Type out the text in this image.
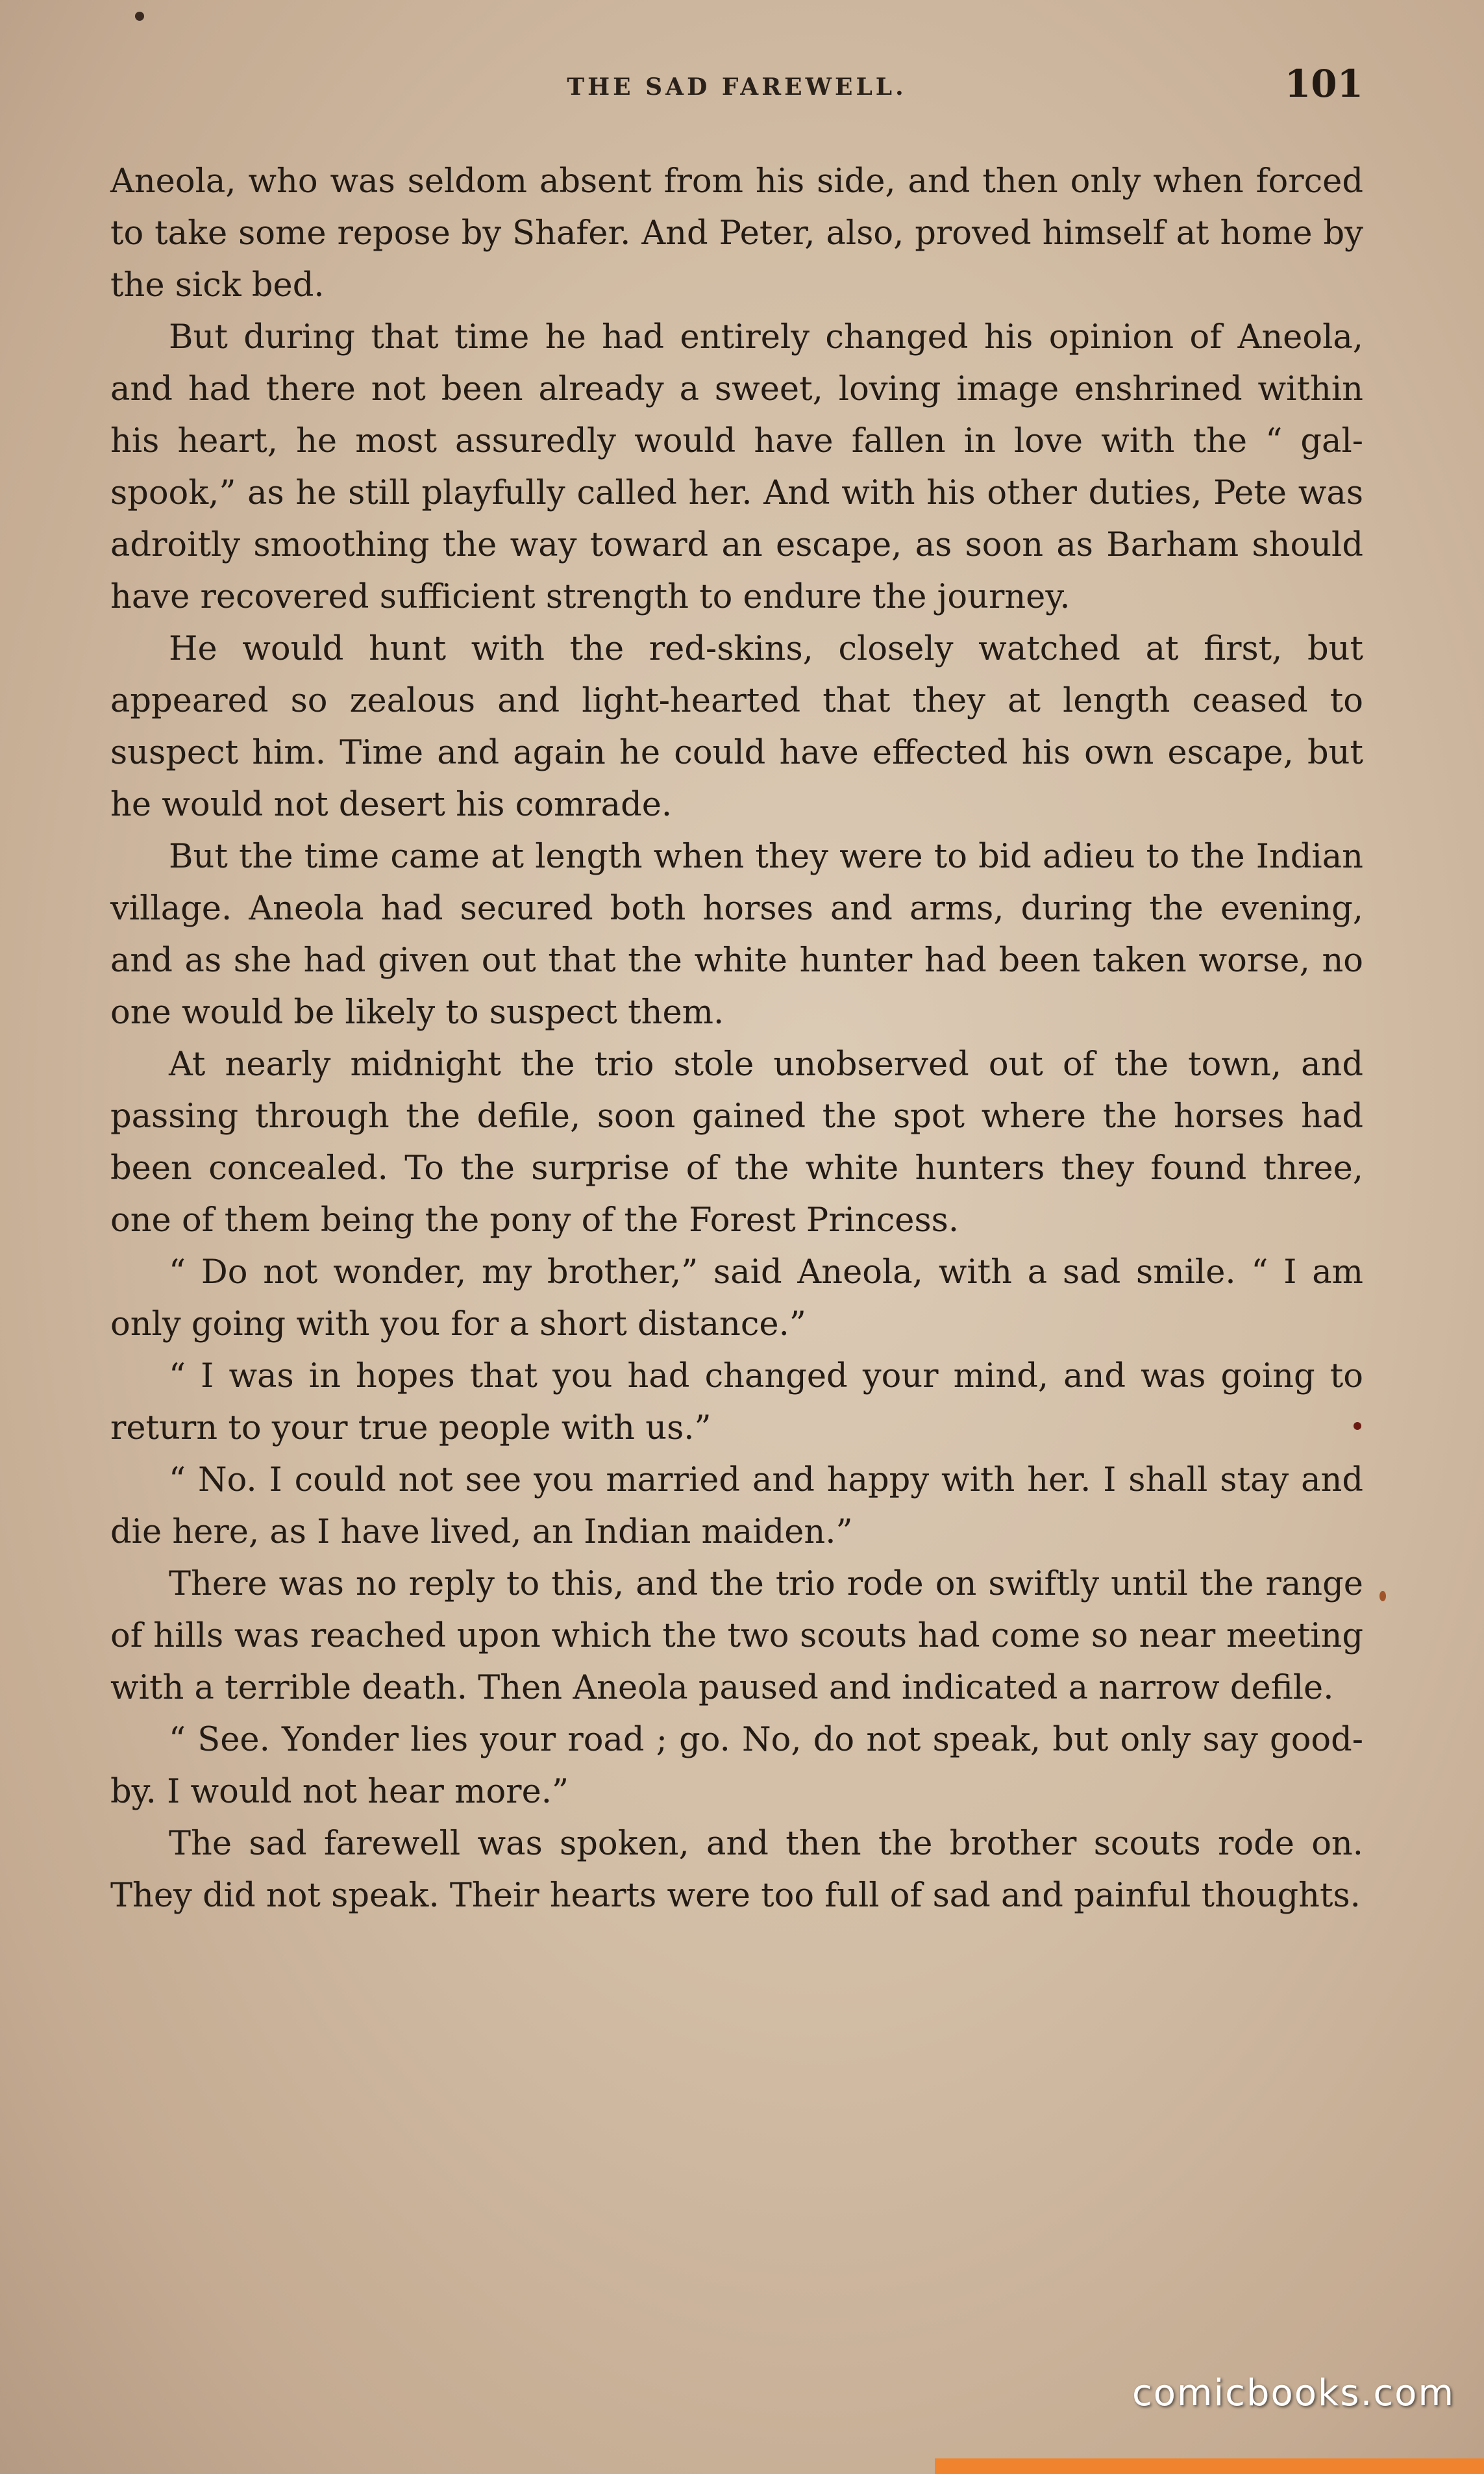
THE SAD FAREWELL.	101

Aneola, who was seldom absent from his side, and then only when forced to take some repose by Shafer. And Peter, also, proved himself at home by the sick bed.

But during that time he had entirely changed his opinion of Aneola, and had there not been already a sweet, loving image enshrined within his heart, he most assuredly would have fallen in love with the “ gal-spook,” as he still playfully called her. And with his other duties, Pete was adroitly smoothing the way toward an escape, as soon as Barham should have recovered sufficient strength to endure the journey.

He would hunt with the red-skins, closely watched at first, but appeared so zealous and light-hearted that they at length ceased to suspect him. Time and again he could have effected his own escape, but he would not desert his comrade.

But the time came at length when they were to bid adieu to the Indian village. Aneola had secured both horses and arms, during the evening, and as she had given out that the white hunter had been taken worse, no one would be likely to suspect them.

At nearly midnight the trio stole unobserved out of the town, and passing through the defile, soon gained the spot where the horses had been concealed. To the surprise of the white hunters they found three, one of them being the pony of the Forest Princess.

“ Do not wonder, my brother,” said Aneola, with a sad smile. “ I am only going with you for a short distance.”

“ I was in hopes that you had changed your mind, and was going to return to your true people with us.”

“ No. I could not see you married and happy with her. I shall stay and die here, as I have lived, an Indian maiden.”

There was no reply to this, and the trio rode on swiftly until the range of hills was reached upon which the two scouts had come so near meeting with a terrible death. Then Aneola paused and indicated a narrow defile.

“ See. Yonder lies your road ; go. No, do not speak, but only say good-by. I would not hear more.”

The sad farewell was spoken, and then the brother scouts rode on. They did not speak. Their hearts were too full of sad and painful thoughts.

comicbooks.com
